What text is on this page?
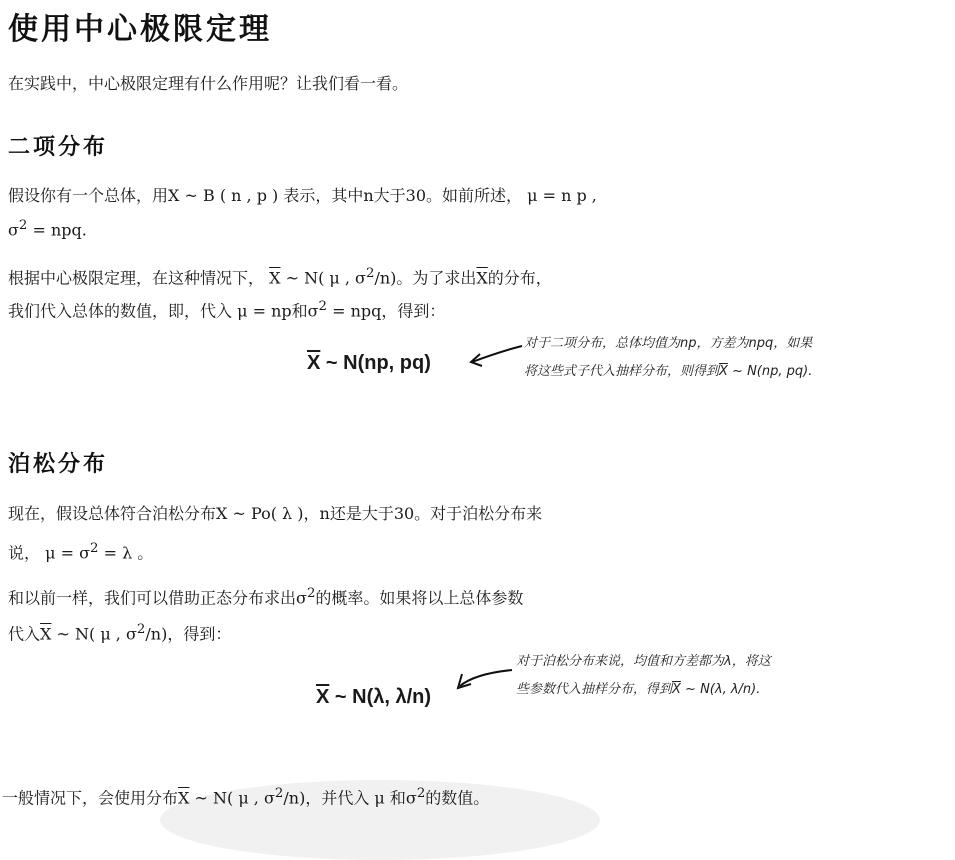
使用中心极限定理
在实践中，中心极限定理有什么作用呢？让我们看一看。
二项分布
假设你有一个总体，用X ~ B ( n , p ) 表示，其中n大于30。如前所述， μ = n p ,
$\sigma^2$ = npq.
根据中心极限定理，在这种情况下， $\overline{X}$ ~ N( μ , $\sigma^2/n$)。为了求出$\overline{X}$的分布，
我们代入总体的数值，即，代入 μ = np和$\sigma^2$ = npq，得到：
$\overline{X}$ ~ N(np, pq)
对于二项分布，总体均值为np，方差为npq，如果
将这些式子代入抽样分布，则得到$\overline{X}$ ~ N(np, pq).
泊松分布
现在，假设总体符合泊松分布X ~ Po( λ )，n还是大于30。对于泊松分布来
说， $\mu = \sigma^2 = \lambda$ 。
和以前一样，我们可以借助正态分布求出$\sigma^2$的概率。如果将以上总体参数
代入$\overline{X}$ ~ N( μ , $\sigma^2/n$)，得到：
$\overline{X}$ ~ N(λ, λ/n)
对于泊松分布来说，均值和方差都为λ，将这
些参数代入抽样分布，得到$\overline{X}$ ~ N(λ, λ/n).
一般情况下，会使用分布$\overline{X}$ ~ N( μ , $\sigma^2/n$)，并代入 μ 和$\sigma^2$的数值。
